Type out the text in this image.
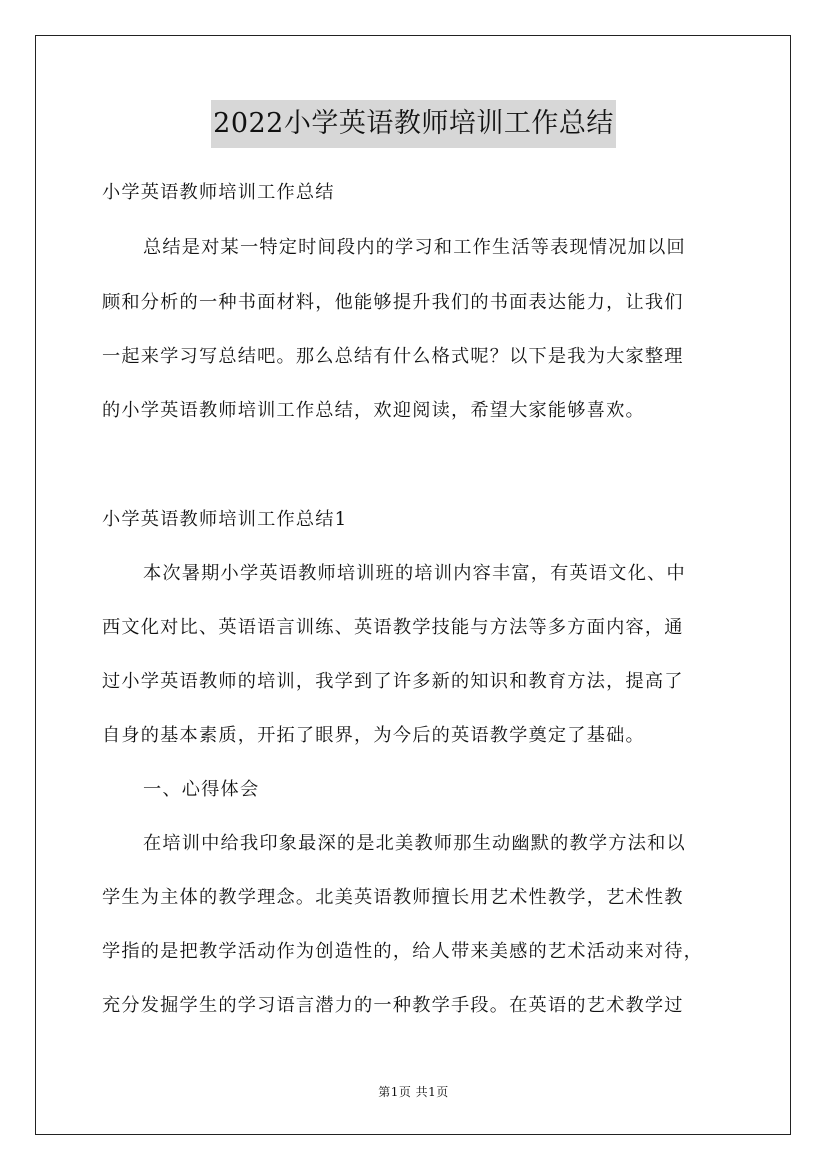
2022小学英语教师培训工作总结
小学英语教师培训工作总结
总结是对某一特定时间段内的学习和工作生活等表现情况加以回
顾和分析的一种书面材料，他能够提升我们的书面表达能力，让我们
一起来学习写总结吧。那么总结有什么格式呢？以下是我为大家整理
的小学英语教师培训工作总结，欢迎阅读，希望大家能够喜欢。
小学英语教师培训工作总结1
本次暑期小学英语教师培训班的培训内容丰富，有英语文化、中
西文化对比、英语语言训练、英语教学技能与方法等多方面内容，通
过小学英语教师的培训，我学到了许多新的知识和教育方法，提高了
自身的基本素质，开拓了眼界，为今后的英语教学奠定了基础。
一、心得体会
在培训中给我印象最深的是北美教师那生动幽默的教学方法和以
学生为主体的教学理念。北美英语教师擅长用艺术性教学，艺术性教
学指的是把教学活动作为创造性的，给人带来美感的艺术活动来对待，
充分发掘学生的学习语言潜力的一种教学手段。在英语的艺术教学过
第1页 共1页
